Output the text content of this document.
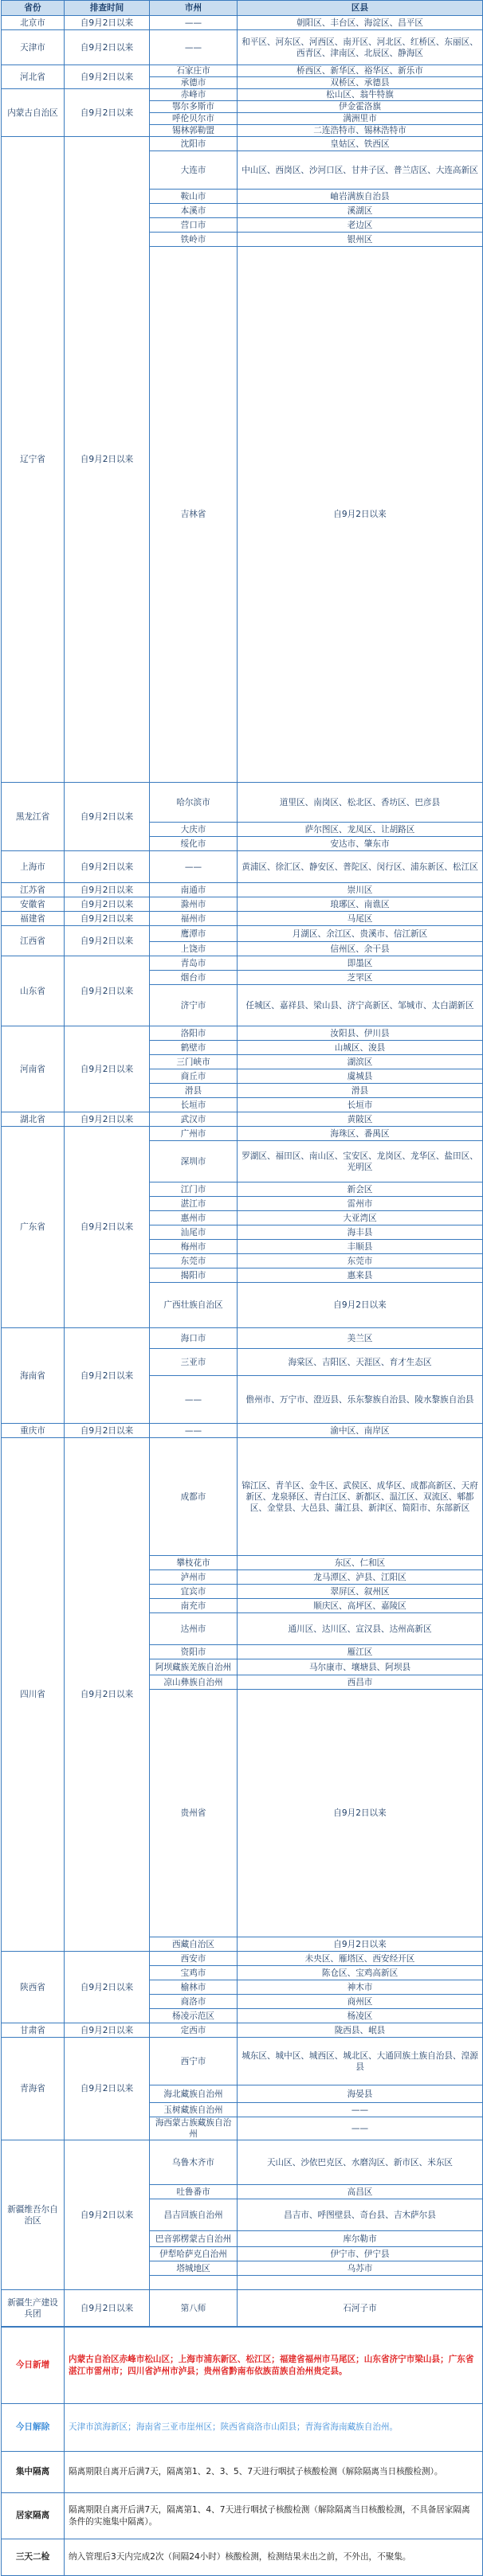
省份	排查时间	市州	区县	
北京市	自9月2日以来	——	朝阳区、丰台区、海淀区、昌平区	
天津市	自9月2日以来	——	和平区、河东区、河西区、南开区、河北区、红桥区、东丽区、西青区、津南区、北辰区、静海区	
河北省	自9月2日以来	石家庄市	桥西区、新华区、裕华区、新乐市	
		承德市	双桥区、承德县	
内蒙古自治区	自9月2日以来	赤峰市	松山区、翁牛特旗	
		鄂尔多斯市	伊金霍洛旗	
		呼伦贝尔市	满洲里市	
		锡林郭勒盟	二连浩特市、锡林浩特市	
辽宁省	自9月2日以来	沈阳市	皇姑区、铁西区	
		大连市	中山区、西岗区、沙河口区、甘井子区、普兰店区、大连高新区	
		鞍山市	岫岩满族自治县	
		本溪市	溪湖区	
		营口市	老边区	
		铁岭市	银州区	
		吉林省	自9月2日以来		
黑龙江省	自9月2日以来	哈尔滨市	道里区、南岗区、松北区、香坊区、巴彦县	
		大庆市	萨尔图区、龙凤区、让胡路区	
		绥化市	安达市、肇东市	
上海市	自9月2日以来	——	黄浦区、徐汇区、静安区、普陀区、闵行区、浦东新区、松江区	
江苏省	自9月2日以来	南通市	崇川区	
安徽省	自9月2日以来	滁州市	琅琊区、南谯区	
福建省	自9月2日以来	福州市	马尾区	
江西省	自9月2日以来	鹰潭市	月湖区、余江区、贵溪市、信江新区	
		上饶市	信州区、余干县	
山东省	自9月2日以来	青岛市	即墨区	
		烟台市	芝罘区	
		济宁市	任城区、嘉祥县、梁山县、济宁高新区、邹城市、太白湖新区	
河南省	自9月2日以来	洛阳市	汝阳县、伊川县	
		鹤壁市	山城区、浚县	
		三门峡市	湖滨区	
		商丘市	虞城县	
		滑县	滑县	
		长垣市	长垣市	
湖北省	自9月2日以来	武汉市	黄陂区	
广东省	自9月2日以来	广州市	海珠区、番禺区	
		深圳市	罗湖区、福田区、南山区、宝安区、龙岗区、龙华区、盐田区、光明区	
		江门市	新会区	
		湛江市	雷州市	
		惠州市	大亚湾区	
		汕尾市	海丰县	
		梅州市	丰顺县	
		东莞市	东莞市	
		揭阳市	惠来县	
		广西壮族自治区	自9月2日以来		
海南省	自9月2日以来	海口市	美兰区	
		三亚市	海棠区、吉阳区、天涯区、育才生态区	
		——	儋州市、万宁市、澄迈县、乐东黎族自治县、陵水黎族自治县	
重庆市	自9月2日以来	——	渝中区、南岸区	
四川省	自9月2日以来	成都市	锦江区、青羊区、金牛区、武侯区、成华区、成都高新区、天府新区、龙泉驿区、青白江区、新都区、温江区、双流区、郫都区、金堂县、大邑县、蒲江县、新津区、简阳市、东部新区	
		攀枝花市	东区、仁和区	
		泸州市	龙马潭区、泸县、江阳区	
		宜宾市	翠屏区、叙州区	
		南充市	顺庆区、高坪区、嘉陵区	
		达州市	通川区、达川区、宣汉县、达州高新区	
		资阳市	雁江区	
		阿坝藏族羌族自治州	马尔康市、壤塘县、阿坝县	
		凉山彝族自治州	西昌市	
		贵州省	自9月2日以来		

		西藏自治区	自9月2日以来		
陕西省	自9月2日以来	西安市	未央区、雁塔区、西安经开区	
		宝鸡市	陈仓区、宝鸡高新区	
		榆林市	神木市	
		商洛市	商州区	
		杨凌示范区	杨凌区	
甘肃省	自9月2日以来	定西市	陇西县、岷县	
青海省	自9月2日以来	西宁市	城东区、城中区、城西区、城北区、大通回族土族自治县、湟源县	
		海北藏族自治州	海晏县	
		玉树藏族自治州	——	
		海西蒙古族藏族自治州	——	
新疆维吾尔自治区	自9月2日以来	乌鲁木齐市	天山区、沙依巴克区、水磨沟区、新市区、米东区	
		吐鲁番市	高昌区	
		昌吉回族自治州	昌吉市、呼图壁县、奇台县、吉木萨尔县	
		巴音郭楞蒙古自治州	库尔勒市	
		伊犁哈萨克自治州	伊宁市、伊宁县	
		塔城地区	乌苏市	

新疆生产建设兵团	自9月2日以来	第八师	石河子市	
今日新增	内蒙古自治区赤峰市松山区；上海市浦东新区、松江区；福建省福州市马尾区；山东省济宁市梁山县；广东省湛江市雷州市；四川省泸州市泸县；贵州省黔南布依族苗族自治州贵定县。
今日解除	天津市滨海新区；海南省三亚市崖州区；陕西省商洛市山阳县；青海省海南藏族自治州。
集中隔离	隔离期限自离开后满7天，隔离第1、2、3、5、7天进行咽拭子核酸检测（解除隔离当日核酸检测）。
居家隔离	隔离期限自离开后满7天，隔离第1、4、7天进行咽拭子核酸检测（解除隔离当日核酸检测，不具备居家隔离条件的实施集中隔离）。
三天二检	纳入管理后3天内完成2次（间隔24小时）核酸检测，检测结果未出之前，不外出，不聚集。
